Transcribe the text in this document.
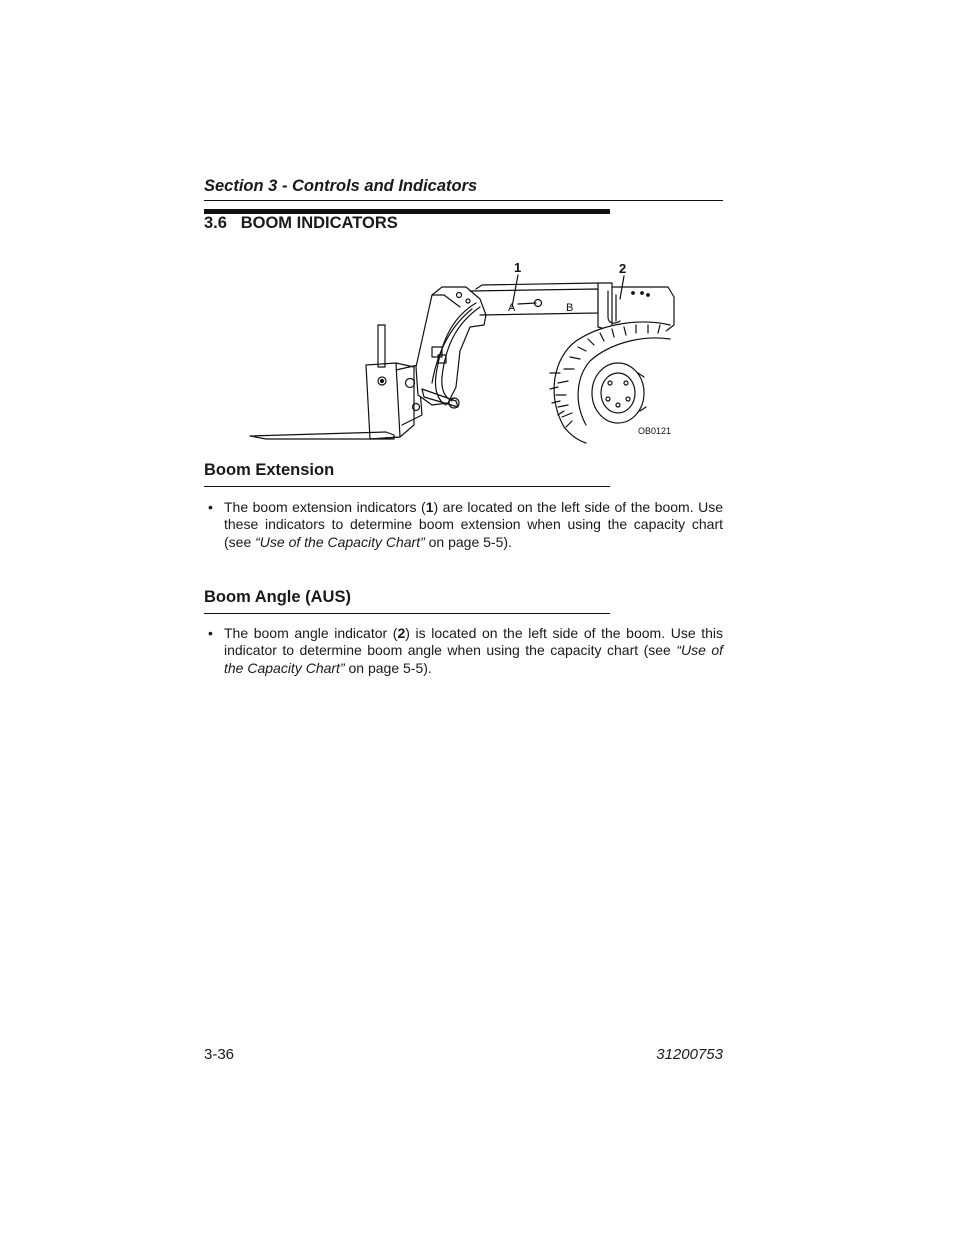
Section 3 - Controls and Indicators
3.6 BOOM INDICATORS
1	2
A	B
OB0121
Boom Extension
• The boom extension indicators (1) are located on the left side of the boom. Use these indicators to determine boom extension when using the capacity chart (see “Use of the Capacity Chart” on page 5-5).
Boom Angle (AUS)
• The boom angle indicator (2) is located on the left side of the boom. Use this indicator to determine boom angle when using the capacity chart (see “Use of the Capacity Chart” on page 5-5).
3-36	31200753
